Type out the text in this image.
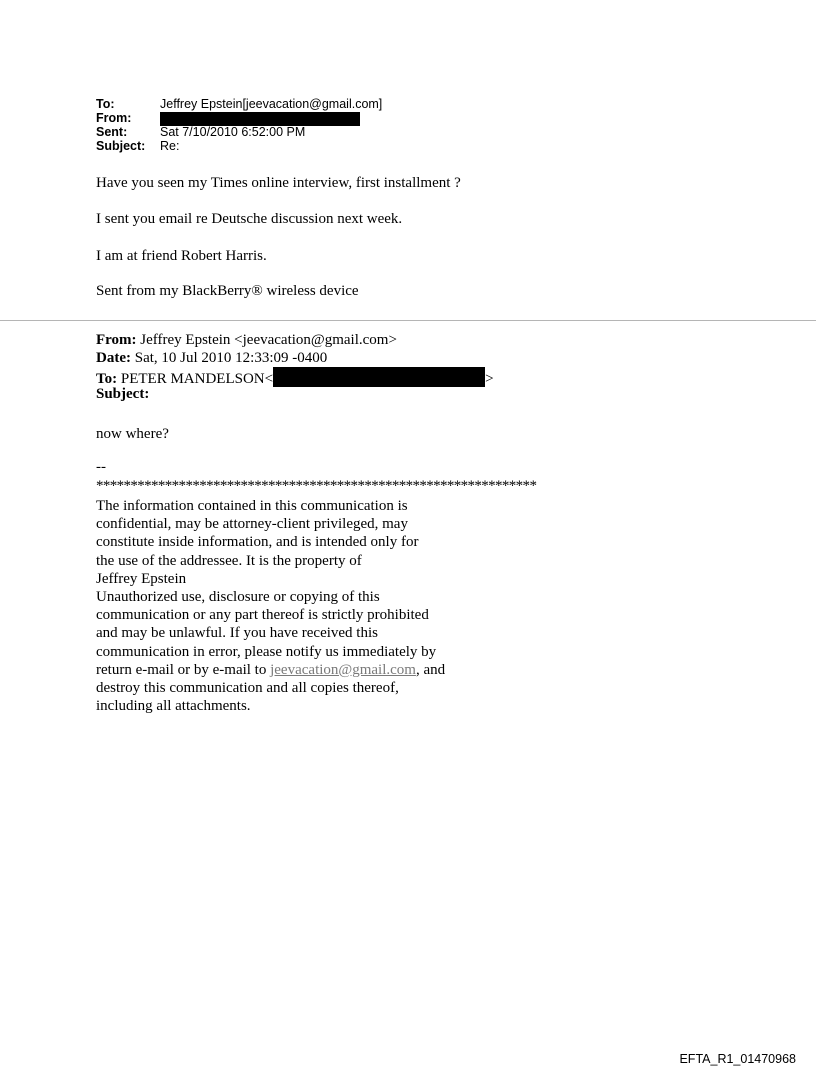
To:	Jeffrey Epstein[jeevacation@gmail.com]
From:
Sent:	Sat 7/10/2010 6:52:00 PM
Subject:	Re:

Have you seen my Times online interview, first installment ?

I sent you email re Deutsche discussion next week.

I am at friend Robert Harris.

Sent from my BlackBerry® wireless device

From: Jeffrey Epstein <jeevacation@gmail.com>
Date: Sat, 10 Jul 2010 12:33:09 -0400
To: PETER MANDELSON<	>
Subject:

now where?

--

****************************************************************
The information contained in this communication is
confidential, may be attorney-client privileged, may
constitute inside information, and is intended only for
the use of the addressee. It is the property of
Jeffrey Epstein
Unauthorized use, disclosure or copying of this
communication or any part thereof is strictly prohibited
and may be unlawful. If you have received this
communication in error, please notify us immediately by
return e-mail or by e-mail to jeevacation@gmail.com, and
destroy this communication and all copies thereof,
including all attachments.
EFTA_R1_01470968
